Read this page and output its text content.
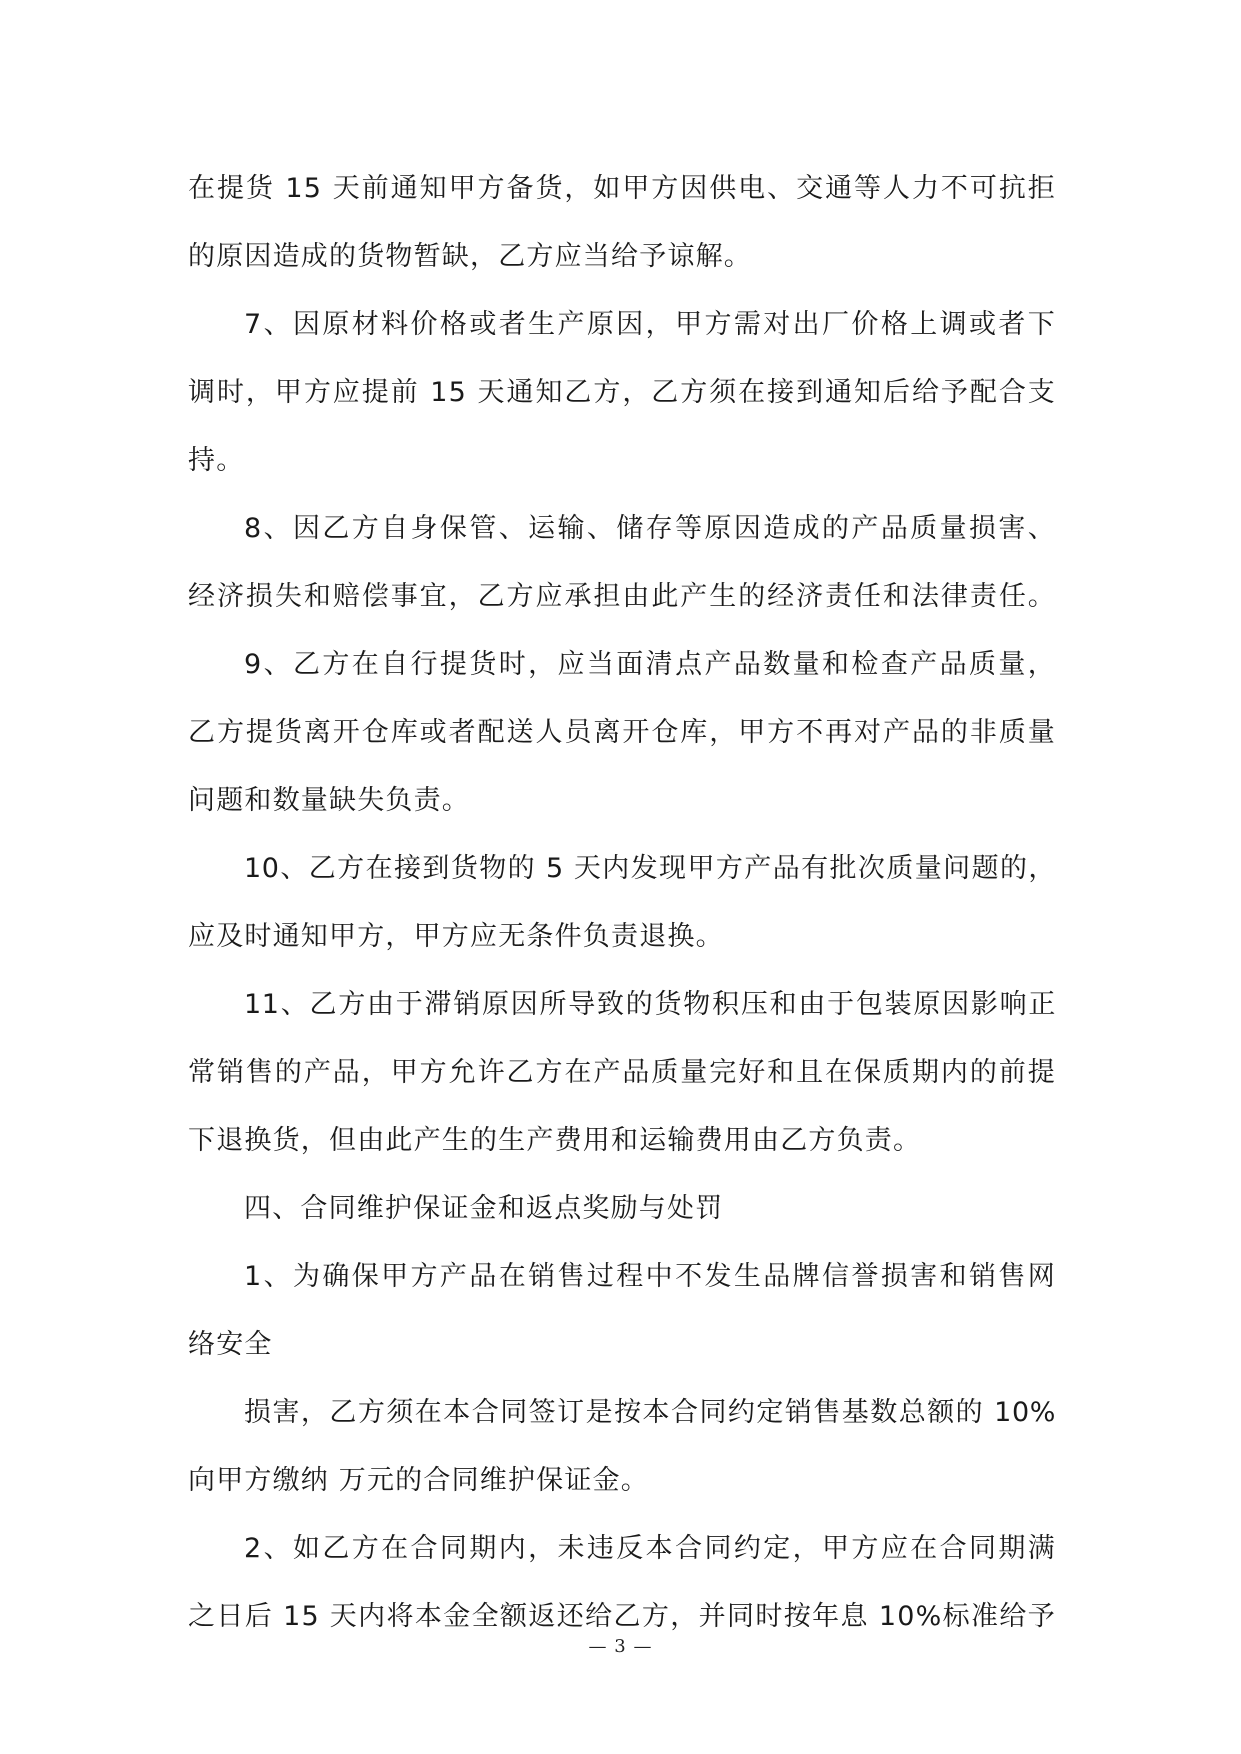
在提货 15 天前通知甲方备货，如甲方因供电、交通等人力不可抗拒
的原因造成的货物暂缺，乙方应当给予谅解。
7、因原材料价格或者生产原因，甲方需对出厂价格上调或者下
调时，甲方应提前 15 天通知乙方，乙方须在接到通知后给予配合支
持。
8、因乙方自身保管、运输、储存等原因造成的产品质量损害、
经济损失和赔偿事宜，乙方应承担由此产生的经济责任和法律责任。
9、乙方在自行提货时，应当面清点产品数量和检查产品质量，
乙方提货离开仓库或者配送人员离开仓库，甲方不再对产品的非质量
问题和数量缺失负责。
10、乙方在接到货物的 5 天内发现甲方产品有批次质量问题的，
应及时通知甲方，甲方应无条件负责退换。
11、乙方由于滞销原因所导致的货物积压和由于包装原因影响正
常销售的产品，甲方允许乙方在产品质量完好和且在保质期内的前提
下退换货，但由此产生的生产费用和运输费用由乙方负责。
四、合同维护保证金和返点奖励与处罚
1、为确保甲方产品在销售过程中不发生品牌信誉损害和销售网
络安全
损害，乙方须在本合同签订是按本合同约定销售基数总额的 10%
向甲方缴纳 万元的合同维护保证金。
2、如乙方在合同期内，未违反本合同约定，甲方应在合同期满
之日后 15 天内将本金全额返还给乙方，并同时按年息 10%标准给予
— 3 —
